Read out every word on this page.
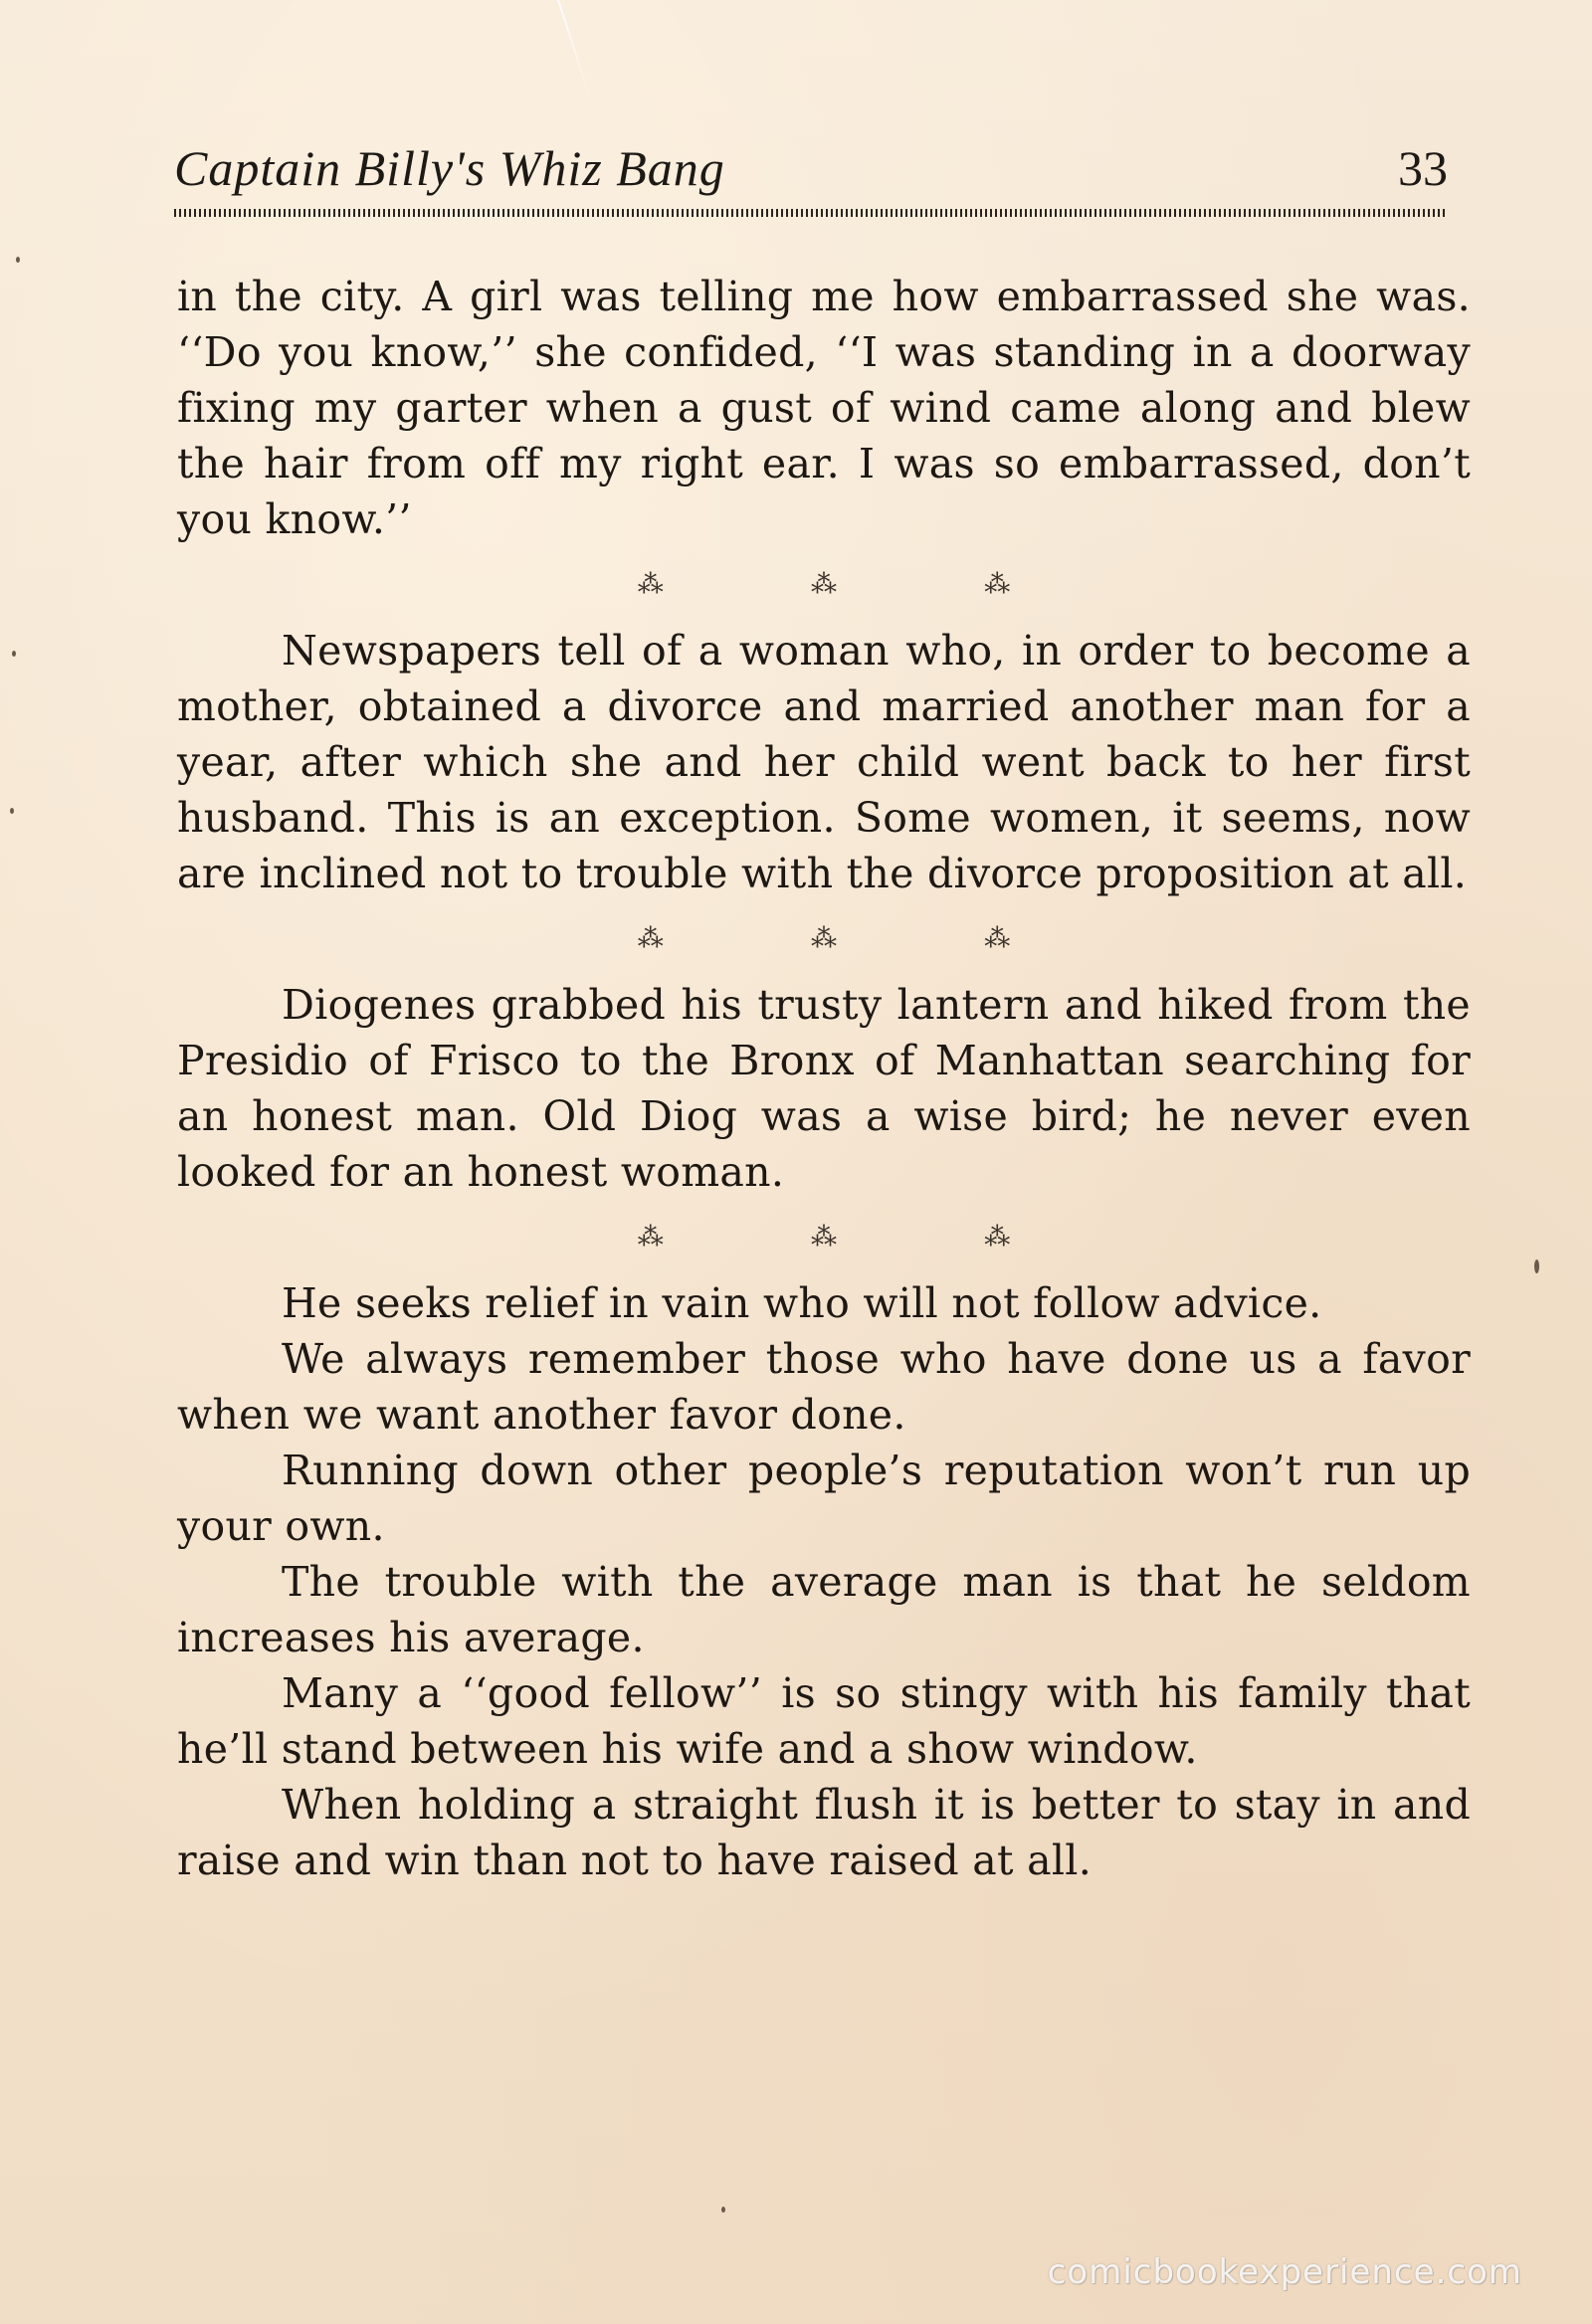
Captain Billy's Whiz Bang	33

in the city. A girl was telling me how embarrassed she was. ‘‘Do you know,’’ she confided, ‘‘I was standing in a doorway fixing my garter when a gust of wind came along and blew the hair from off my right ear. I was so embarrassed, don’t you know.’’

⁂ ⁂ ⁂

Newspapers tell of a woman who, in order to become a mother, obtained a divorce and married another man for a year, after which she and her child went back to her first husband. This is an exception. Some women, it seems, now are inclined not to trouble with the divorce proposition at all.

⁂ ⁂ ⁂

Diogenes grabbed his trusty lantern and hiked from the Presidio of Frisco to the Bronx of Manhattan searching for an honest man. Old Diog was a wise bird; he never even looked for an honest woman.

⁂ ⁂ ⁂

He seeks relief in vain who will not follow advice.

We always remember those who have done us a favor when we want another favor done.

Running down other people’s reputation won’t run up your own.

The trouble with the average man is that he seldom increases his average.

Many a ‘‘good fellow’’ is so stingy with his family that he’ll stand between his wife and a show window.

When holding a straight flush it is better to stay in and raise and win than not to have raised at all.

comicbookexperience.com
